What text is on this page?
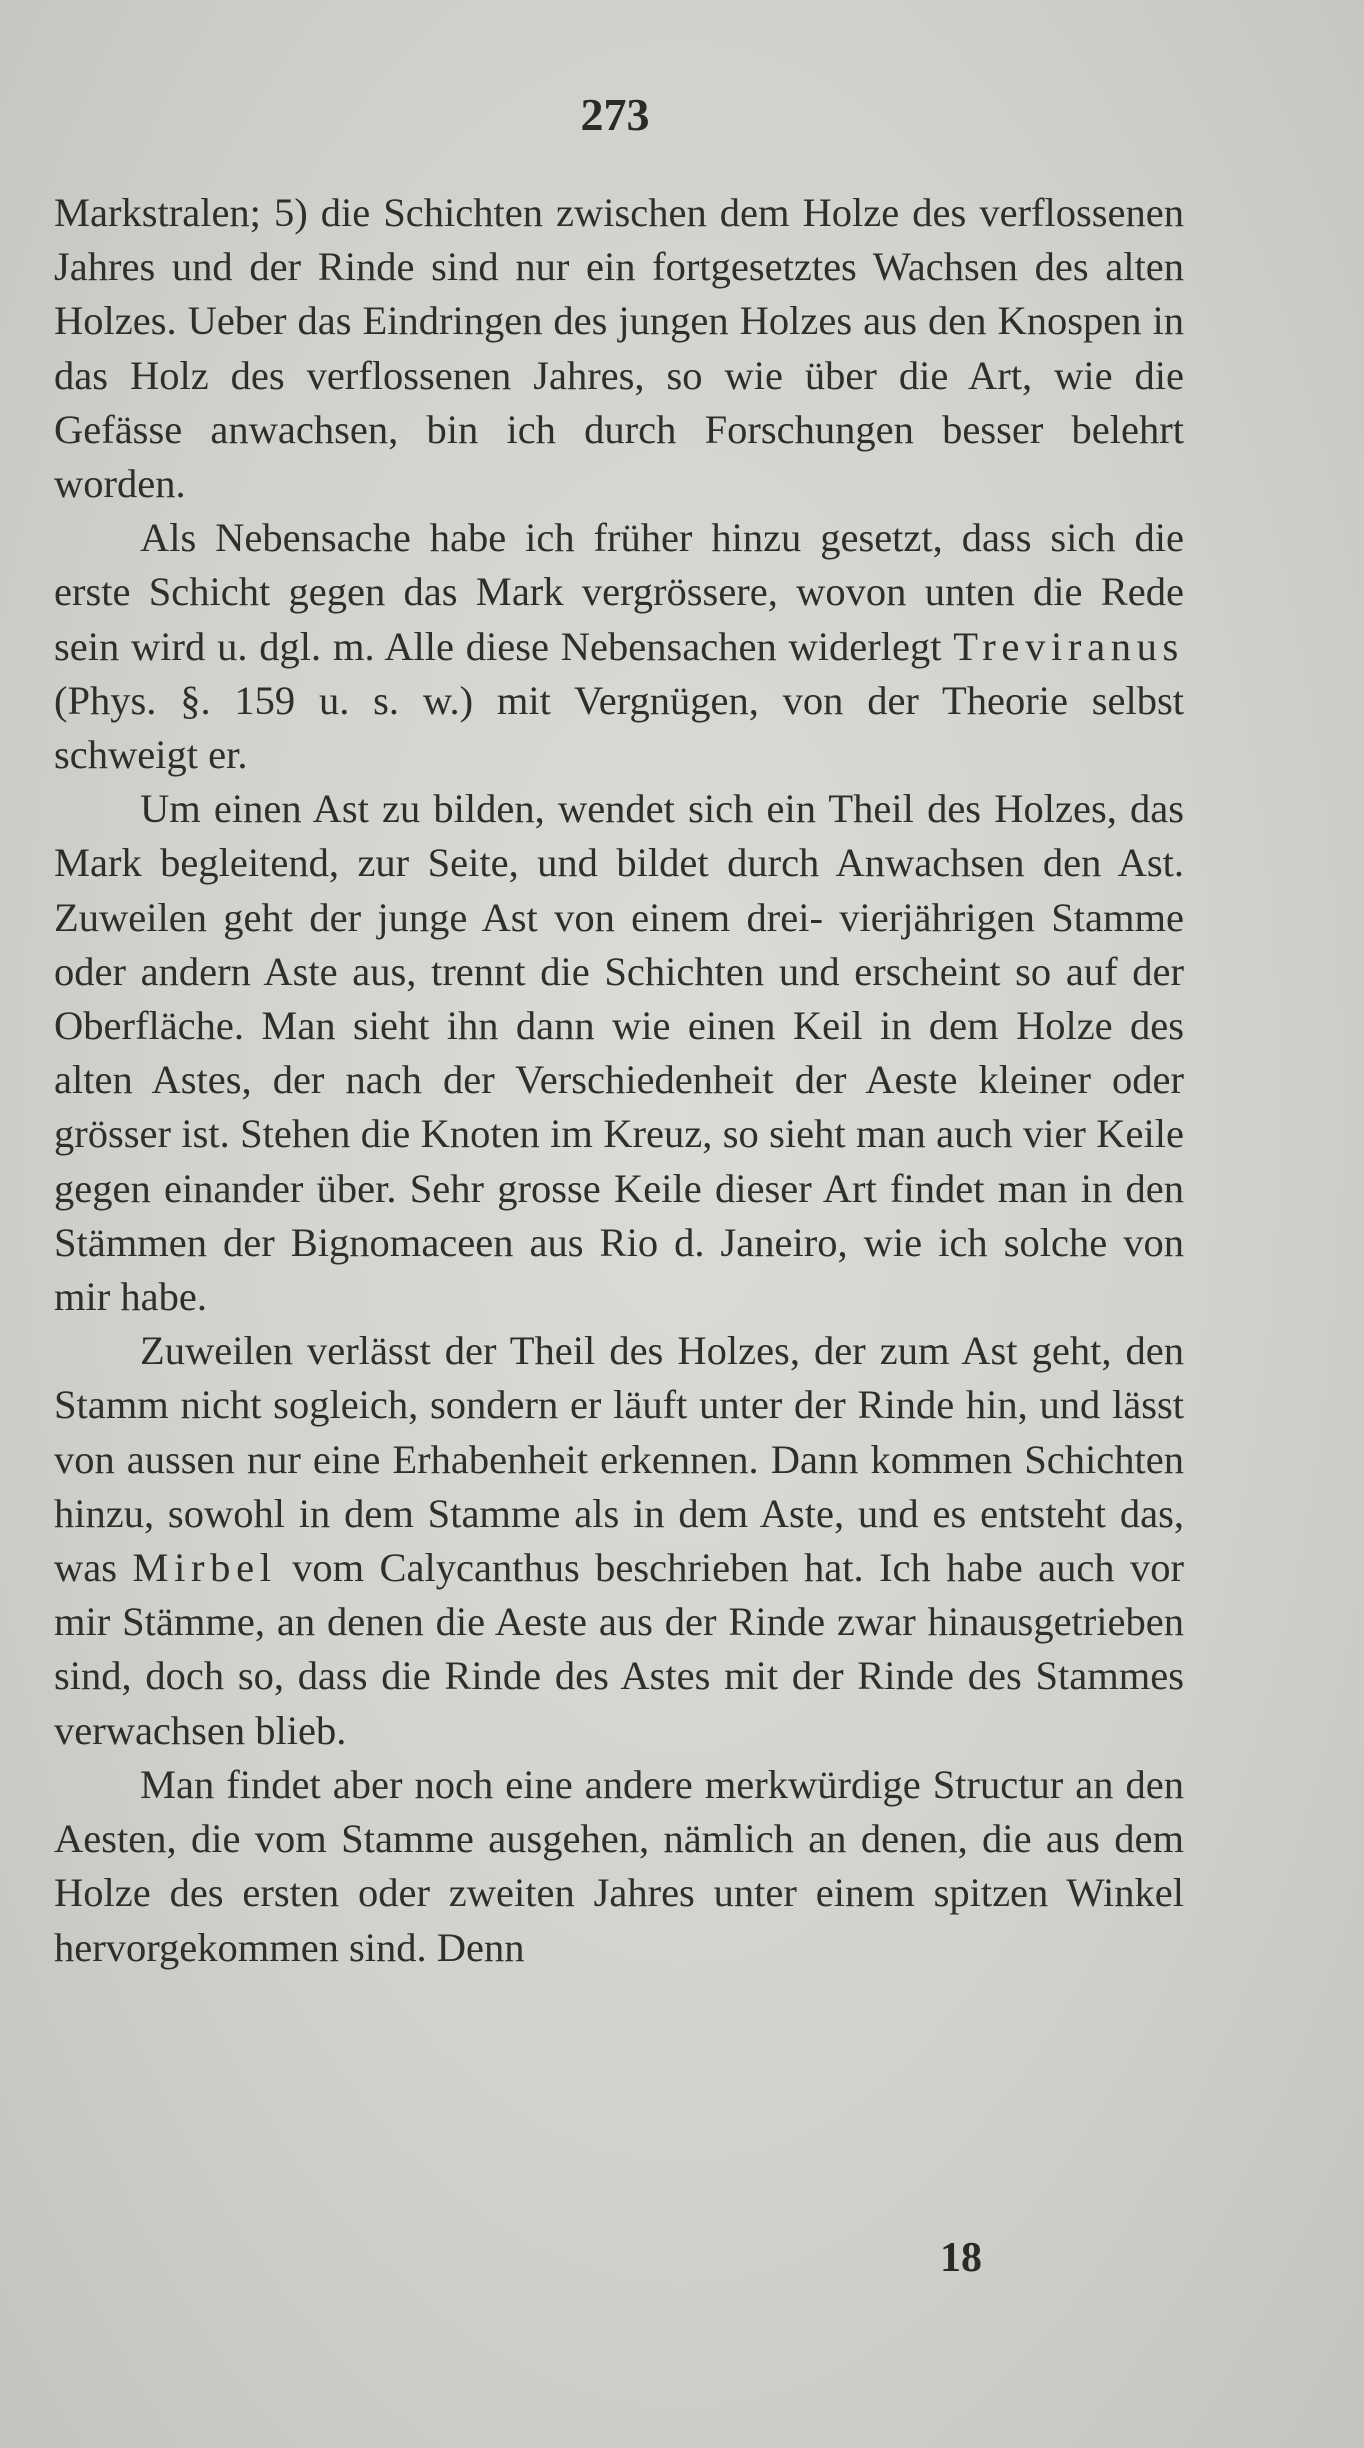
273

Markstralen; 5) die Schichten zwischen dem Holze des verflossenen Jahres und der Rinde sind nur ein fortgesetztes Wachsen des alten Holzes. Ueber das Eindringen des jungen Holzes aus den Knospen in das Holz des verflossenen Jahres, so wie über die Art, wie die Gefässe anwachsen, bin ich durch Forschungen besser belehrt worden.

Als Nebensache habe ich früher hinzu gesetzt, dass sich die erste Schicht gegen das Mark vergrössere, wovon unten die Rede sein wird u. dgl. m. Alle diese Nebensachen widerlegt Treviranus (Phys. §. 159 u. s. w.) mit Vergnügen, von der Theorie selbst schweigt er.

Um einen Ast zu bilden, wendet sich ein Theil des Holzes, das Mark begleitend, zur Seite, und bildet durch Anwachsen den Ast. Zuweilen geht der junge Ast von einem drei- vierjährigen Stamme oder andern Aste aus, trennt die Schichten und erscheint so auf der Oberfläche. Man sieht ihn dann wie einen Keil in dem Holze des alten Astes, der nach der Verschiedenheit der Aeste kleiner oder grösser ist. Stehen die Knoten im Kreuz, so sieht man auch vier Keile gegen einander über. Sehr grosse Keile dieser Art findet man in den Stämmen der Bignomaceen aus Rio d. Janeiro, wie ich solche von mir habe.

Zuweilen verlässt der Theil des Holzes, der zum Ast geht, den Stamm nicht sogleich, sondern er läuft unter der Rinde hin, und lässt von aussen nur eine Erhabenheit erkennen. Dann kommen Schichten hinzu, sowohl in dem Stamme als in dem Aste, und es entsteht das, was Mirbel vom Calycanthus beschrieben hat. Ich habe auch vor mir Stämme, an denen die Aeste aus der Rinde zwar hinausgetrieben sind, doch so, dass die Rinde des Astes mit der Rinde des Stammes verwachsen blieb.

Man findet aber noch eine andere merkwürdige Structur an den Aesten, die vom Stamme ausgehen, nämlich an denen, die aus dem Holze des ersten oder zweiten Jahres unter einem spitzen Winkel hervorgekommen sind. Denn

18
